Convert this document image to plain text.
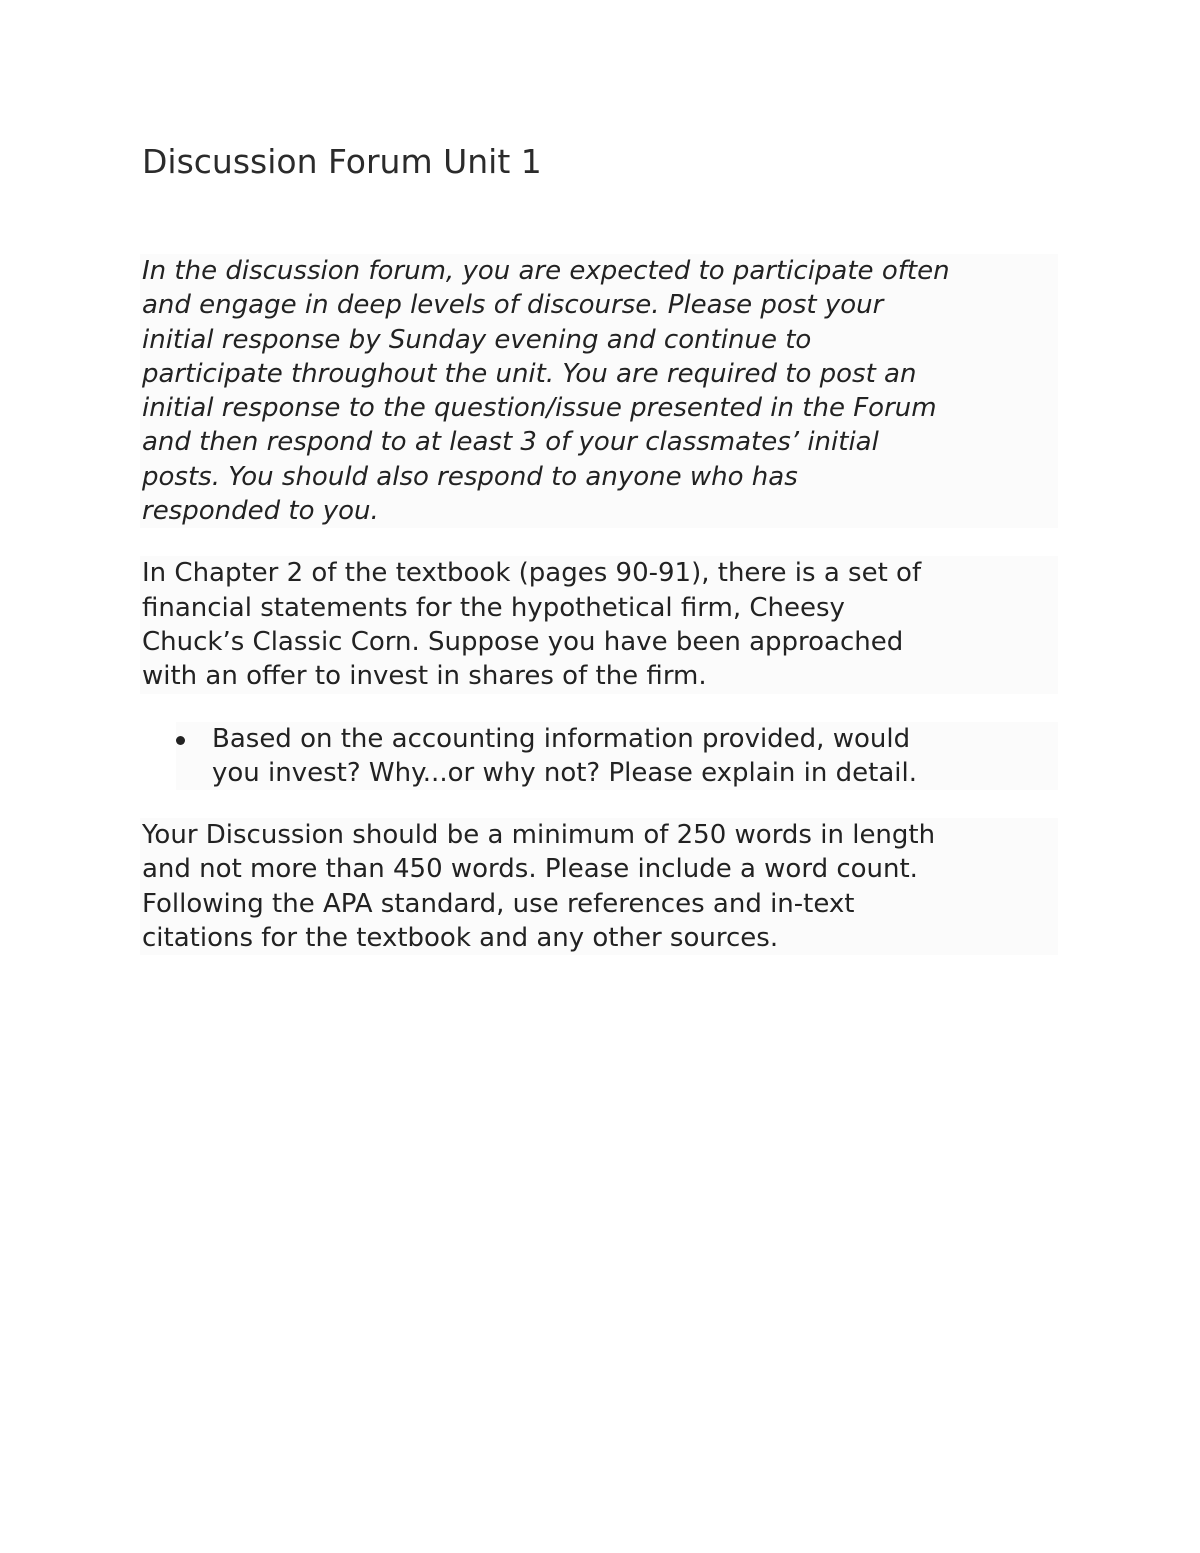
Discussion Forum Unit 1

In the discussion forum, you are expected to participate often
and engage in deep levels of discourse. Please post your
initial response by Sunday evening and continue to
participate throughout the unit. You are required to post an
initial response to the question/issue presented in the Forum
and then respond to at least 3 of your classmates’ initial
posts. You should also respond to anyone who has
responded to you.

In Chapter 2 of the textbook (pages 90-91), there is a set of
financial statements for the hypothetical firm, Cheesy
Chuck’s Classic Corn. Suppose you have been approached
with an offer to invest in shares of the firm.

Based on the accounting information provided, would
you invest? Why...or why not? Please explain in detail.

Your Discussion should be a minimum of 250 words in length
and not more than 450 words. Please include a word count.
Following the APA standard, use references and in-text
citations for the textbook and any other sources.
